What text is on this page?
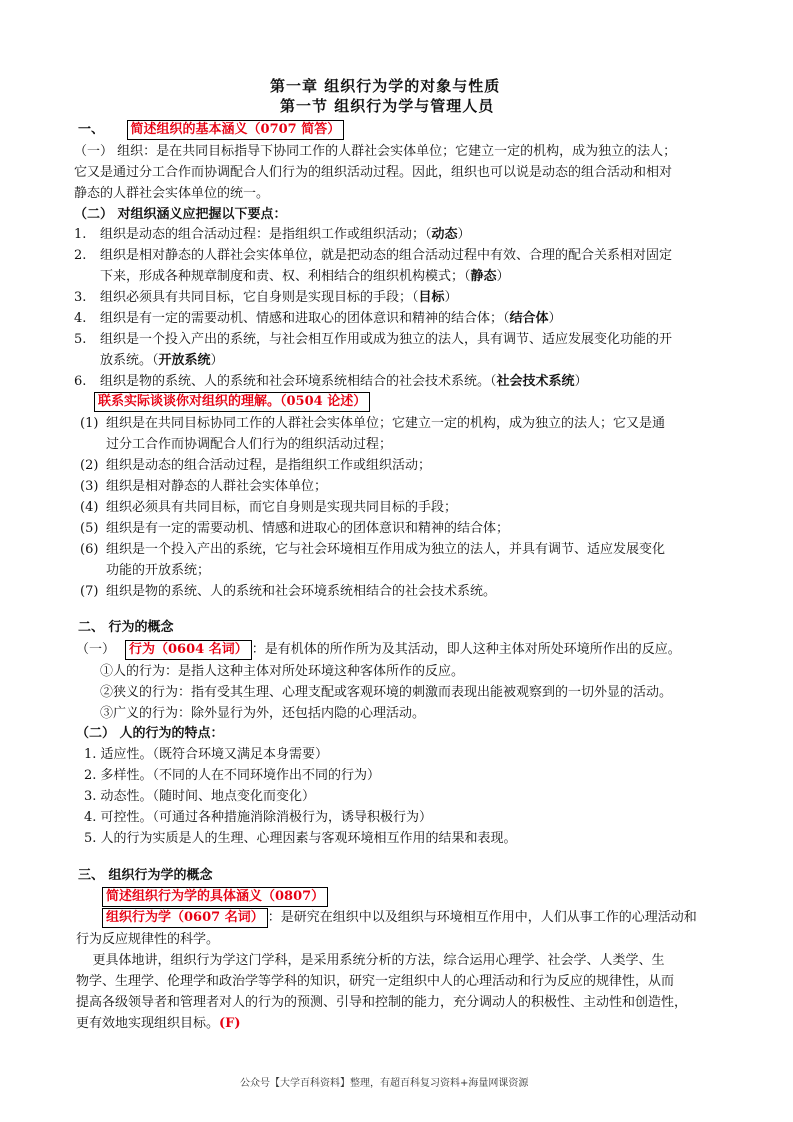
第一章 组织行为学的对象与性质
第一节 组织行为学与管理人员
一、 简述组织的基本涵义（0707 简答）
（一） 组织：是在共同目标指导下协同工作的人群社会实体单位；它建立一定的机构，成为独立的法人；
它又是通过分工合作而协调配合人们行为的组织活动过程。因此，组织也可以说是动态的组合活动和相对
静态的人群社会实体单位的统一。
（二） 对组织涵义应把握以下要点：
1. 组织是动态的组合活动过程：是指组织工作或组织活动；（动态）
2. 组织是相对静态的人群社会实体单位，就是把动态的组合活动过程中有效、合理的配合关系相对固定
下来，形成各种规章制度和责、权、利相结合的组织机构模式；（静态）
3. 组织必须具有共同目标，它自身则是实现目标的手段；（目标）
4. 组织是有一定的需要动机、情感和进取心的团体意识和精神的结合体；（结合体）
5. 组织是一个投入产出的系统，与社会相互作用或成为独立的法人，具有调节、适应发展变化功能的开
放系统。（开放系统）
6. 组织是物的系统、人的系统和社会环境系统相结合的社会技术系统。（社会技术系统）
联系实际谈谈你对组织的理解。（0504 论述）
(1) 组织是在共同目标协同工作的人群社会实体单位；它建立一定的机构，成为独立的法人；它又是通
过分工合作而协调配合人们行为的组织活动过程；
(2) 组织是动态的组合活动过程，是指组织工作或组织活动；
(3) 组织是相对静态的人群社会实体单位；
(4) 组织必须具有共同目标，而它自身则是实现共同目标的手段；
(5) 组织是有一定的需要动机、情感和进取心的团体意识和精神的结合体；
(6) 组织是一个投入产出的系统，它与社会环境相互作用成为独立的法人，并具有调节、适应发展变化
功能的开放系统；
(7) 组织是物的系统、人的系统和社会环境系统相结合的社会技术系统。
二、 行为的概念
（一） 行为（0604 名词） ：是有机体的所作所为及其活动，即人这种主体对所处环境所作出的反应。
①人的行为：是指人这种主体对所处环境这种客体所作的反应。
②狭义的行为：指有受其生理、心理支配或客观环境的刺激而表现出能被观察到的一切外显的活动。
③广义的行为：除外显行为外，还包括内隐的心理活动。
（二） 人的行为的特点：
1. 适应性。（既符合环境又满足本身需要）
2. 多样性。（不同的人在不同环境作出不同的行为）
3. 动态性。（随时间、地点变化而变化）
4. 可控性。（可通过各种措施消除消极行为，诱导积极行为）
5. 人的行为实质是人的生理、心理因素与客观环境相互作用的结果和表现。
三、 组织行为学的概念
简述组织行为学的具体涵义（0807）
组织行为学（0607 名词） ：是研究在组织中以及组织与环境相互作用中，人们从事工作的心理活动和
行为反应规律性的科学。
更具体地讲，组织行为学这门学科，是采用系统分析的方法，综合运用心理学、社会学、人类学、生
物学、生理学、伦理学和政治学等学科的知识，研究一定组织中人的心理活动和行为反应的规律性，从而
提高各级领导者和管理者对人的行为的预测、引导和控制的能力，充分调动人的积极性、主动性和创造性，
更有效地实现组织目标。(F)
公众号【大学百科资料】整理，有超百科复习资料+海量网课资源
